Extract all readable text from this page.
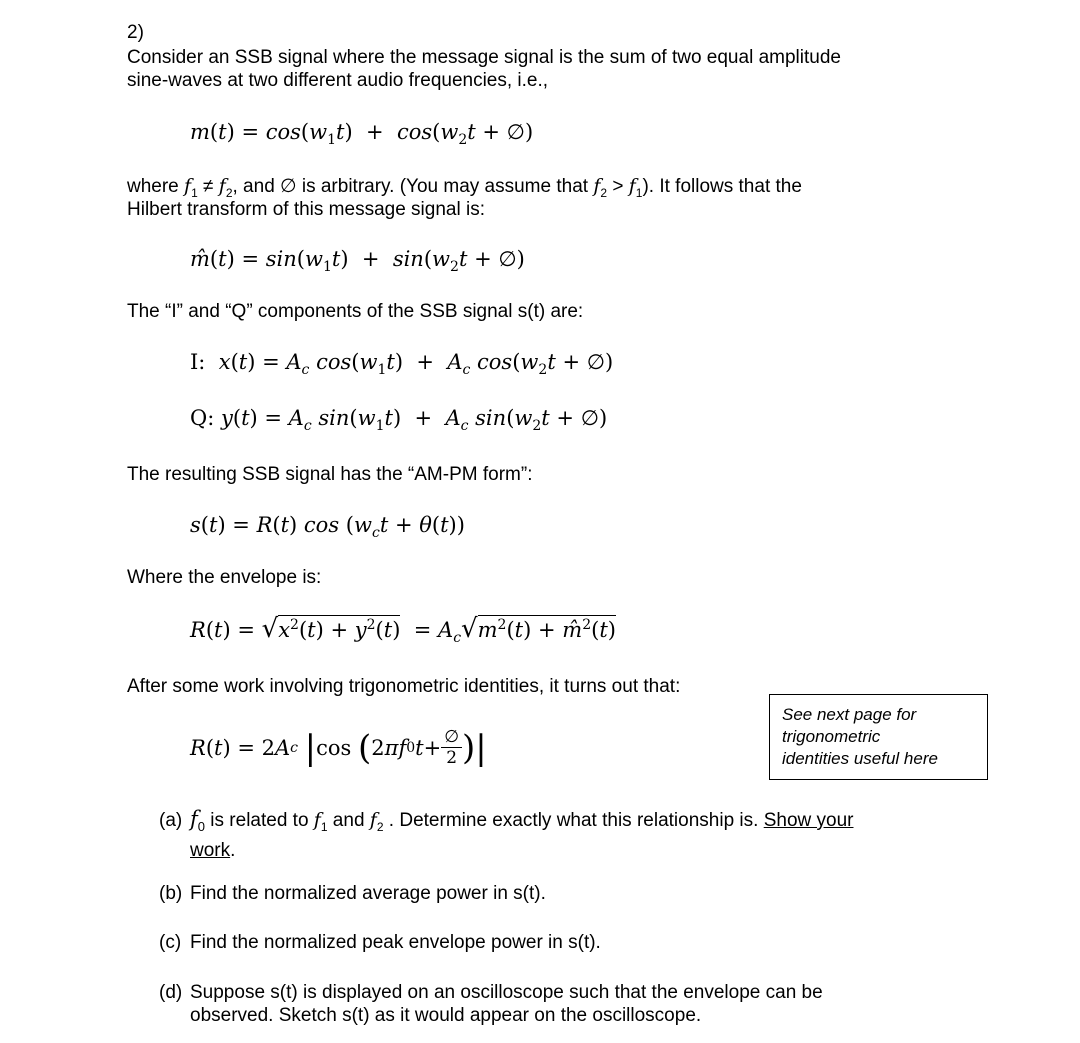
2)

Consider an SSB signal where the message signal is the sum of two equal amplitude

sine-waves at two different audio frequencies, i.e.,

$m(t) = \cos(w_1t) + \cos(w_2t$ + ∅)

where $f_1 \ne f_2$, and ∅ is arbitrary. (You may assume that $f_2 > f_1$). It follows that the

Hilbert transform of this message signal is:

m̂(t) = $\sin(w_1t) + \sin(w_2t$ + ∅)

The “I” and “Q” components of the SSB signal s(t) are:

I: $x(t) = A_c$ $\cos(w_1t) + A_c$ $\cos(w_2t$ + ∅)
Q: $y(t) = A_c$ $\sin(w_1t) + A_c$ $\sin(w_2t$ + ∅)

The resulting SSB signal has the “AM-PM form”:

s(t) = R(t) $\cos (w_ct + \theta(t))$

Where the envelope is:

$R(t) = √x^2(t) + y^2(t) = A_c√m^2(t)$ + m̂$^2$(t)

After some work involving trigonometric identities, it turns out that:

R ( t ) = 2 A c
| cos ( 2 π f 0 $t + \frac{\emptyset}{2}$ ) |
See next page for
trigonometric
identities useful here
(a) $f_0$ is related to $f_1$ and $f_2$ . Determine exactly what this relationship is. Show your
work.
(b) Find the normalized average power in s(t).
(c) Find the normalized peak envelope power in s(t).
(d) Suppose s(t) is displayed on an oscilloscope such that the envelope can be
observed. Sketch s(t) as it would appear on the oscilloscope.
